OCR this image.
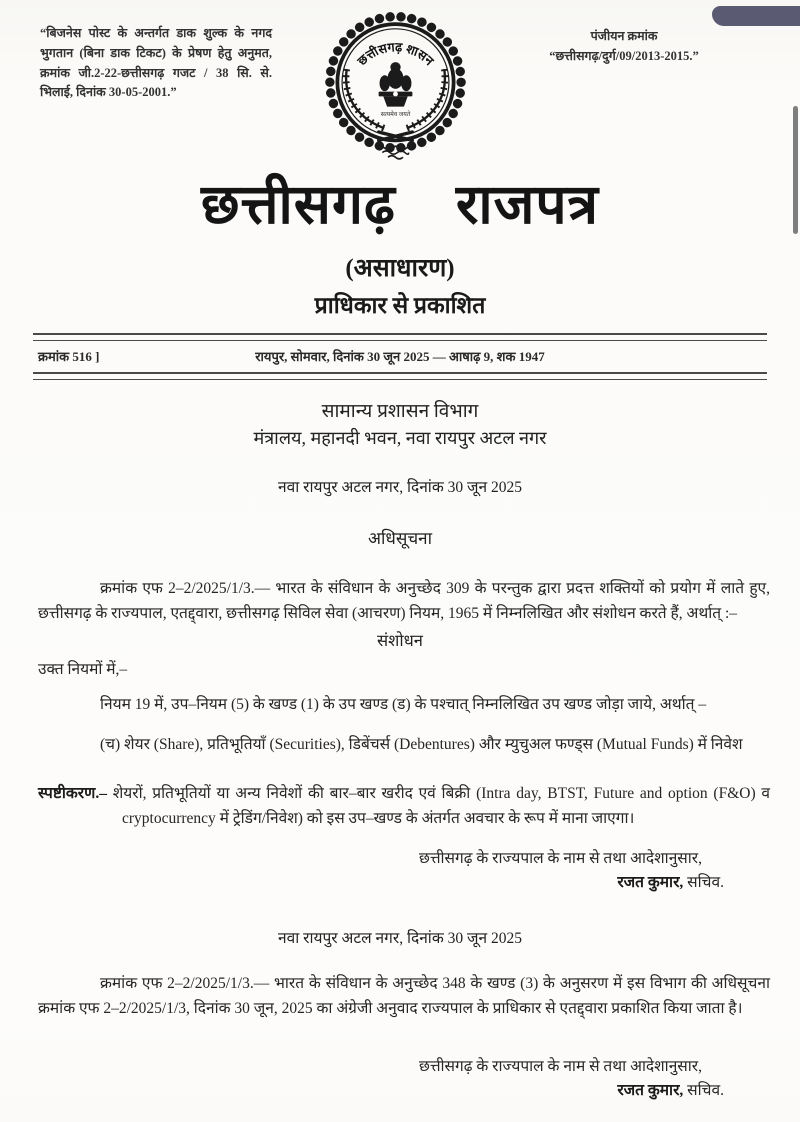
“बिजनेस पोस्ट के अन्तर्गत डाक शुल्क के नगद भुगतान (बिना डाक टिकट) के प्रेषण हेतु अनुमत, क्रमांक जी.2-22-छत्तीसगढ़ गजट / 38 सि. से. भिलाई, दिनांक 30-05-2001.”
छत्तीसगढ़ शासन
सत्यमेव जयते
पंजीयन क्रमांक
“छत्तीसगढ़/दुर्ग/09/2013-2015.”
छत्तीसगढ़ राजपत्र
(असाधारण)
प्राधिकार से प्रकाशित
क्रमांक 516 ]	रायपुर, सोमवार, दिनांक 30 जून 2025 — आषाढ़ 9, शक 1947
सामान्य प्रशासन विभाग
मंत्रालय, महानदी भवन, नवा रायपुर अटल नगर
नवा रायपुर अटल नगर, दिनांक 30 जून 2025
अधिसूचना

क्रमांक एफ 2–2/2025/1/3.— भारत के संविधान के अनुच्छेद 309 के परन्तुक द्वारा प्रदत्त शक्तियों को प्रयोग में लाते हुए, छत्तीसगढ़ के राज्यपाल, एतद्द्वारा, छत्तीसगढ़ सिविल सेवा (आचरण) नियम, 1965 में निम्नलिखित और संशोधन करते हैं, अर्थात् :–

संशोधन

उक्त नियमों में,–

नियम 19 में, उप–नियम (5) के खण्ड (1) के उप खण्ड (ड) के पश्चात् निम्नलिखित उप खण्ड जोड़ा जाये, अर्थात् –

(च) शेयर (Share), प्रतिभूतियाँ (Securities), डिबेंचर्स (Debentures) और म्युचुअल फण्ड्स (Mutual Funds) में निवेश

स्पष्टीकरण.– शेयरों, प्रतिभूतियों या अन्य निवेशों की बार–बार खरीद एवं बिक्री (Intra day, BTST, Future and option (F&O) व cryptocurrency में ट्रेडिंग/निवेश) को इस उप–खण्ड के अंतर्गत अवचार के रूप में माना जाएगा।

छत्तीसगढ़ के राज्यपाल के नाम से तथा आदेशानुसार,
रजत कुमार, सचिव.
नवा रायपुर अटल नगर, दिनांक 30 जून 2025

क्रमांक एफ 2–2/2025/1/3.— भारत के संविधान के अनुच्छेद 348 के खण्ड (3) के अनुसरण में इस विभाग की अधिसूचना क्रमांक एफ 2–2/2025/1/3, दिनांक 30 जून, 2025 का अंग्रेजी अनुवाद राज्यपाल के प्राधिकार से एतद्द्वारा प्रकाशित किया जाता है।

छत्तीसगढ़ के राज्यपाल के नाम से तथा आदेशानुसार,
रजत कुमार, सचिव.
